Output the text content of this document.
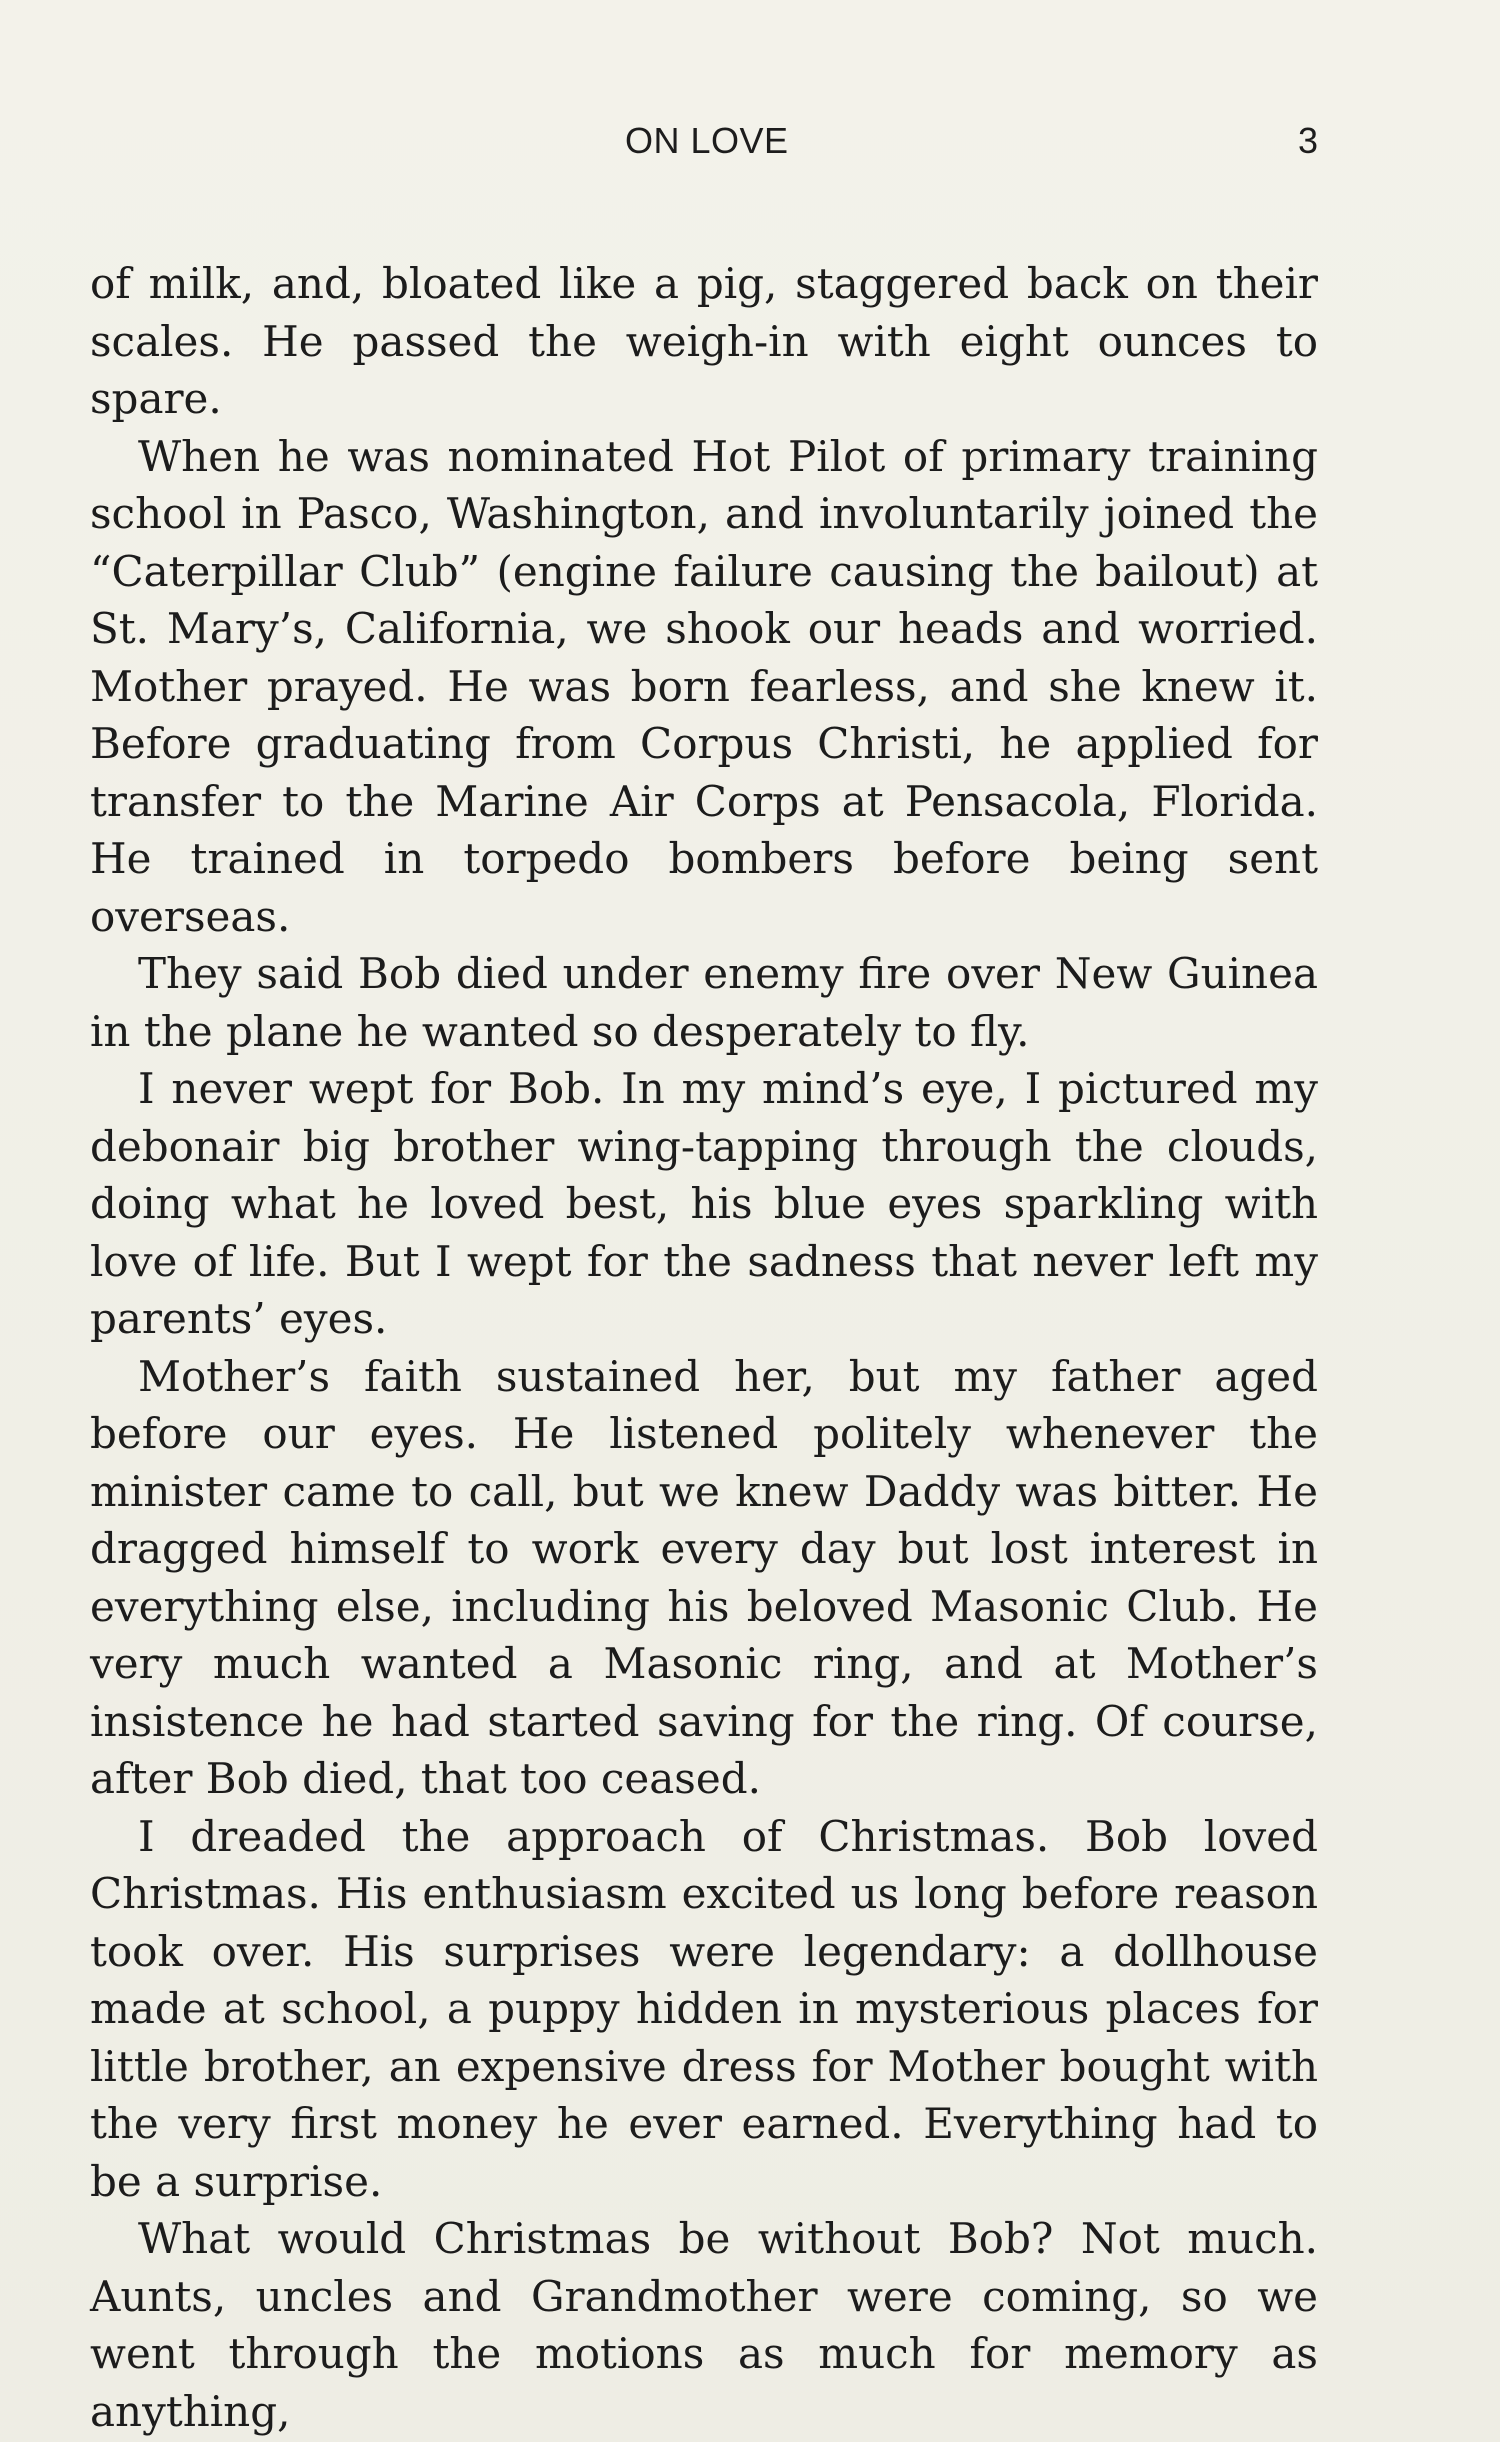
ON LOVE	3

of milk, and, bloated like a pig, staggered back on their scales. He passed the weigh-in with eight ounces to spare.

When he was nominated Hot Pilot of primary training school in Pasco, Washington, and involuntarily joined the “Caterpillar Club” (engine failure causing the bailout) at St. Mary’s, California, we shook our heads and worried. Mother prayed. He was born fearless, and she knew it. Before graduating from Corpus Christi, he applied for transfer to the Marine Air Corps at Pensacola, Florida. He trained in torpedo bombers before being sent overseas.

They said Bob died under enemy fire over New Guinea in the plane he wanted so desperately to fly.

I never wept for Bob. In my mind’s eye, I pictured my debonair big brother wing-tapping through the clouds, doing what he loved best, his blue eyes sparkling with love of life. But I wept for the sadness that never left my parents’ eyes.

Mother’s faith sustained her, but my father aged before our eyes. He listened politely whenever the minister came to call, but we knew Daddy was bitter. He dragged himself to work every day but lost interest in everything else, including his beloved Masonic Club. He very much wanted a Masonic ring, and at Mother’s insistence he had started saving for the ring. Of course, after Bob died, that too ceased.

I dreaded the approach of Christmas. Bob loved Christmas. His enthusiasm excited us long before reason took over. His surprises were legendary: a dollhouse made at school, a puppy hidden in mysterious places for little brother, an expensive dress for Mother bought with the very first money he ever earned. Everything had to be a surprise.

What would Christmas be without Bob? Not much. Aunts, uncles and Grandmother were coming, so we went through the motions as much for memory as anything,
